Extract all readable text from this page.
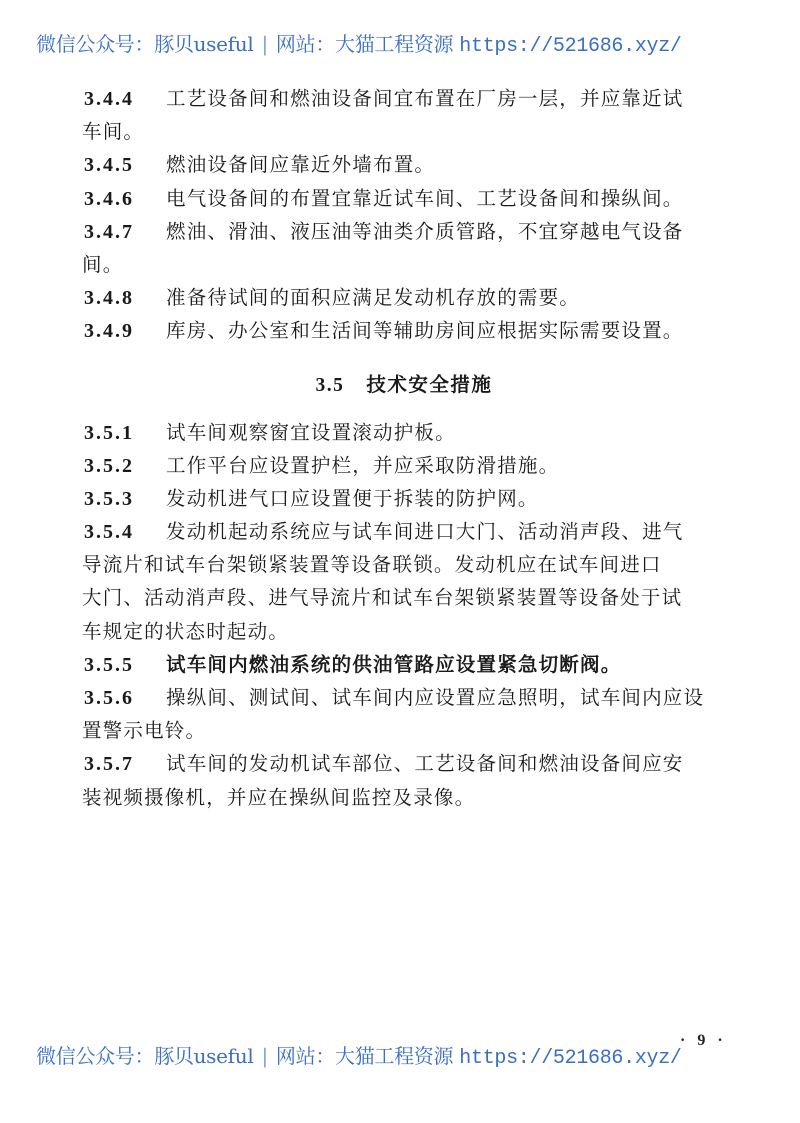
微信公众号：豚贝useful | 网站：大猫工程资源 https://521686.xyz/
3.4.4 工艺设备间和燃油设备间宜布置在厂房一层，并应靠近试
车间。
3.4.5 燃油设备间应靠近外墙布置。
3.4.6 电气设备间的布置宜靠近试车间、工艺设备间和操纵间。
3.4.7 燃油、滑油、液压油等油类介质管路，不宜穿越电气设备
间。
3.4.8 准备待试间的面积应满足发动机存放的需要。
3.4.9 库房、办公室和生活间等辅助房间应根据实际需要设置。
3.5 技术安全措施
3.5.1 试车间观察窗宜设置滚动护板。
3.5.2 工作平台应设置护栏，并应采取防滑措施。
3.5.3 发动机进气口应设置便于拆装的防护网。
3.5.4 发动机起动系统应与试车间进口大门、活动消声段、进气
导流片和试车台架锁紧装置等设备联锁。发动机应在试车间进口
大门、活动消声段、进气导流片和试车台架锁紧装置等设备处于试
车规定的状态时起动。
3.5.5 试车间内燃油系统的供油管路应设置紧急切断阀。
3.5.6 操纵间、测试间、试车间内应设置应急照明，试车间内应设
置警示电铃。
3.5.7 试车间的发动机试车部位、工艺设备间和燃油设备间应安
装视频摄像机，并应在操纵间监控及录像。
· 9 ·
微信公众号：豚贝useful | 网站：大猫工程资源 https://521686.xyz/
